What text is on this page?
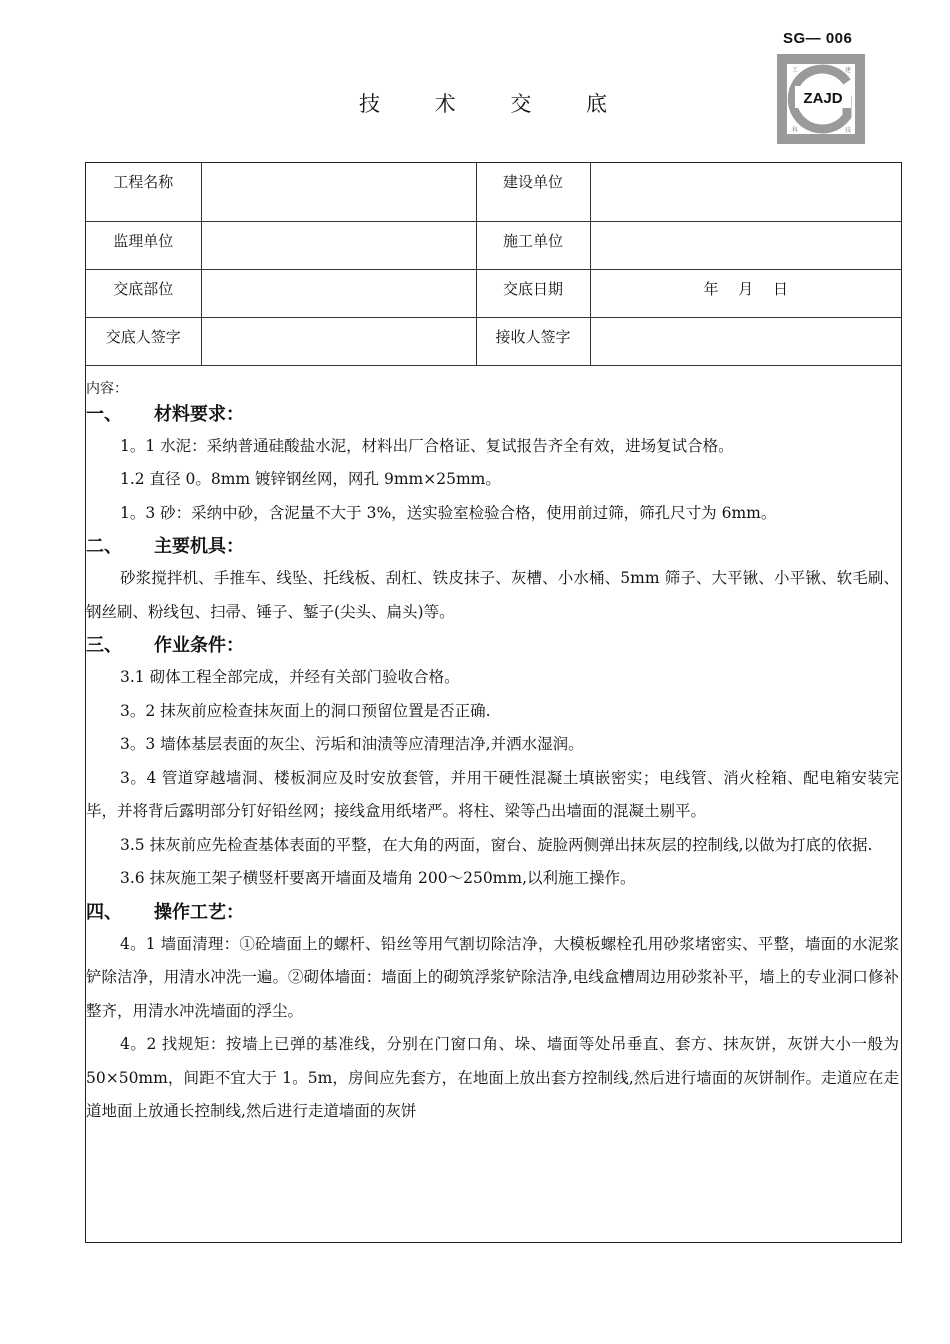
SG— 006
ZAJD
工	建
科	技
技 术 交 底
工程名称		建设单位	
监理单位		施工单位	
交底部位		交底日期	年　 月　 日
交底人签字		接收人签字	
内容：
一、	材料要求：

1。1 水泥：采纳普通硅酸盐水泥，材料出厂合格证、复试报告齐全有效，进场复试合格。

1.2 直径 0。8mm 镀锌钢丝网，网孔 9mm×25mm。

1。3 砂：采纳中砂，含泥量不大于 3%，送实验室检验合格，使用前过筛，筛孔尺寸为 6mm。

二、	主要机具：

砂浆搅拌机、手推车、线坠、托线板、刮杠、铁皮抹子、灰槽、小水桶、5mm 筛子、大平锹、小平锹、软毛刷、钢丝刷、粉线包、扫帚、锤子、錾子(尖头、扁头)等。

三、	作业条件：

3.1 砌体工程全部完成，并经有关部门验收合格。

3。2 抹灰前应检查抹灰面上的洞口预留位置是否正确.

3。3 墙体基层表面的灰尘、污垢和油渍等应清理洁净,并洒水湿润。

3。4 管道穿越墙洞、楼板洞应及时安放套管，并用干硬性混凝土填嵌密实；电线管、消火栓箱、配电箱安装完毕，并将背后露明部分钉好铅丝网；接线盒用纸堵严。将柱、梁等凸出墙面的混凝土剔平。

3.5 抹灰前应先检查基体表面的平整，在大角的两面，窗台、旋脸两侧弹出抹灰层的控制线,以做为打底的依据.

3.6 抹灰施工架子横竖杆要离开墙面及墙角 200～250mm,以利施工操作。

四、	操作工艺：

4。1 墙面清理：①砼墙面上的螺杆、铅丝等用气割切除洁净，大模板螺栓孔用砂浆堵密实、平整，墙面的水泥浆铲除洁净，用清水冲洗一遍。②砌体墙面：墙面上的砌筑浮浆铲除洁净,电线盒槽周边用砂浆补平，墙上的专业洞口修补整齐，用清水冲洗墙面的浮尘。

4。2 找规矩：按墙上已弹的基准线，分别在门窗口角、垛、墙面等处吊垂直、套方、抹灰饼，灰饼大小一般为 50×50mm，间距不宜大于 1。5m，房间应先套方，在地面上放出套方控制线,然后进行墙面的灰饼制作。走道应在走道地面上放通长控制线,然后进行走道墙面的灰饼
